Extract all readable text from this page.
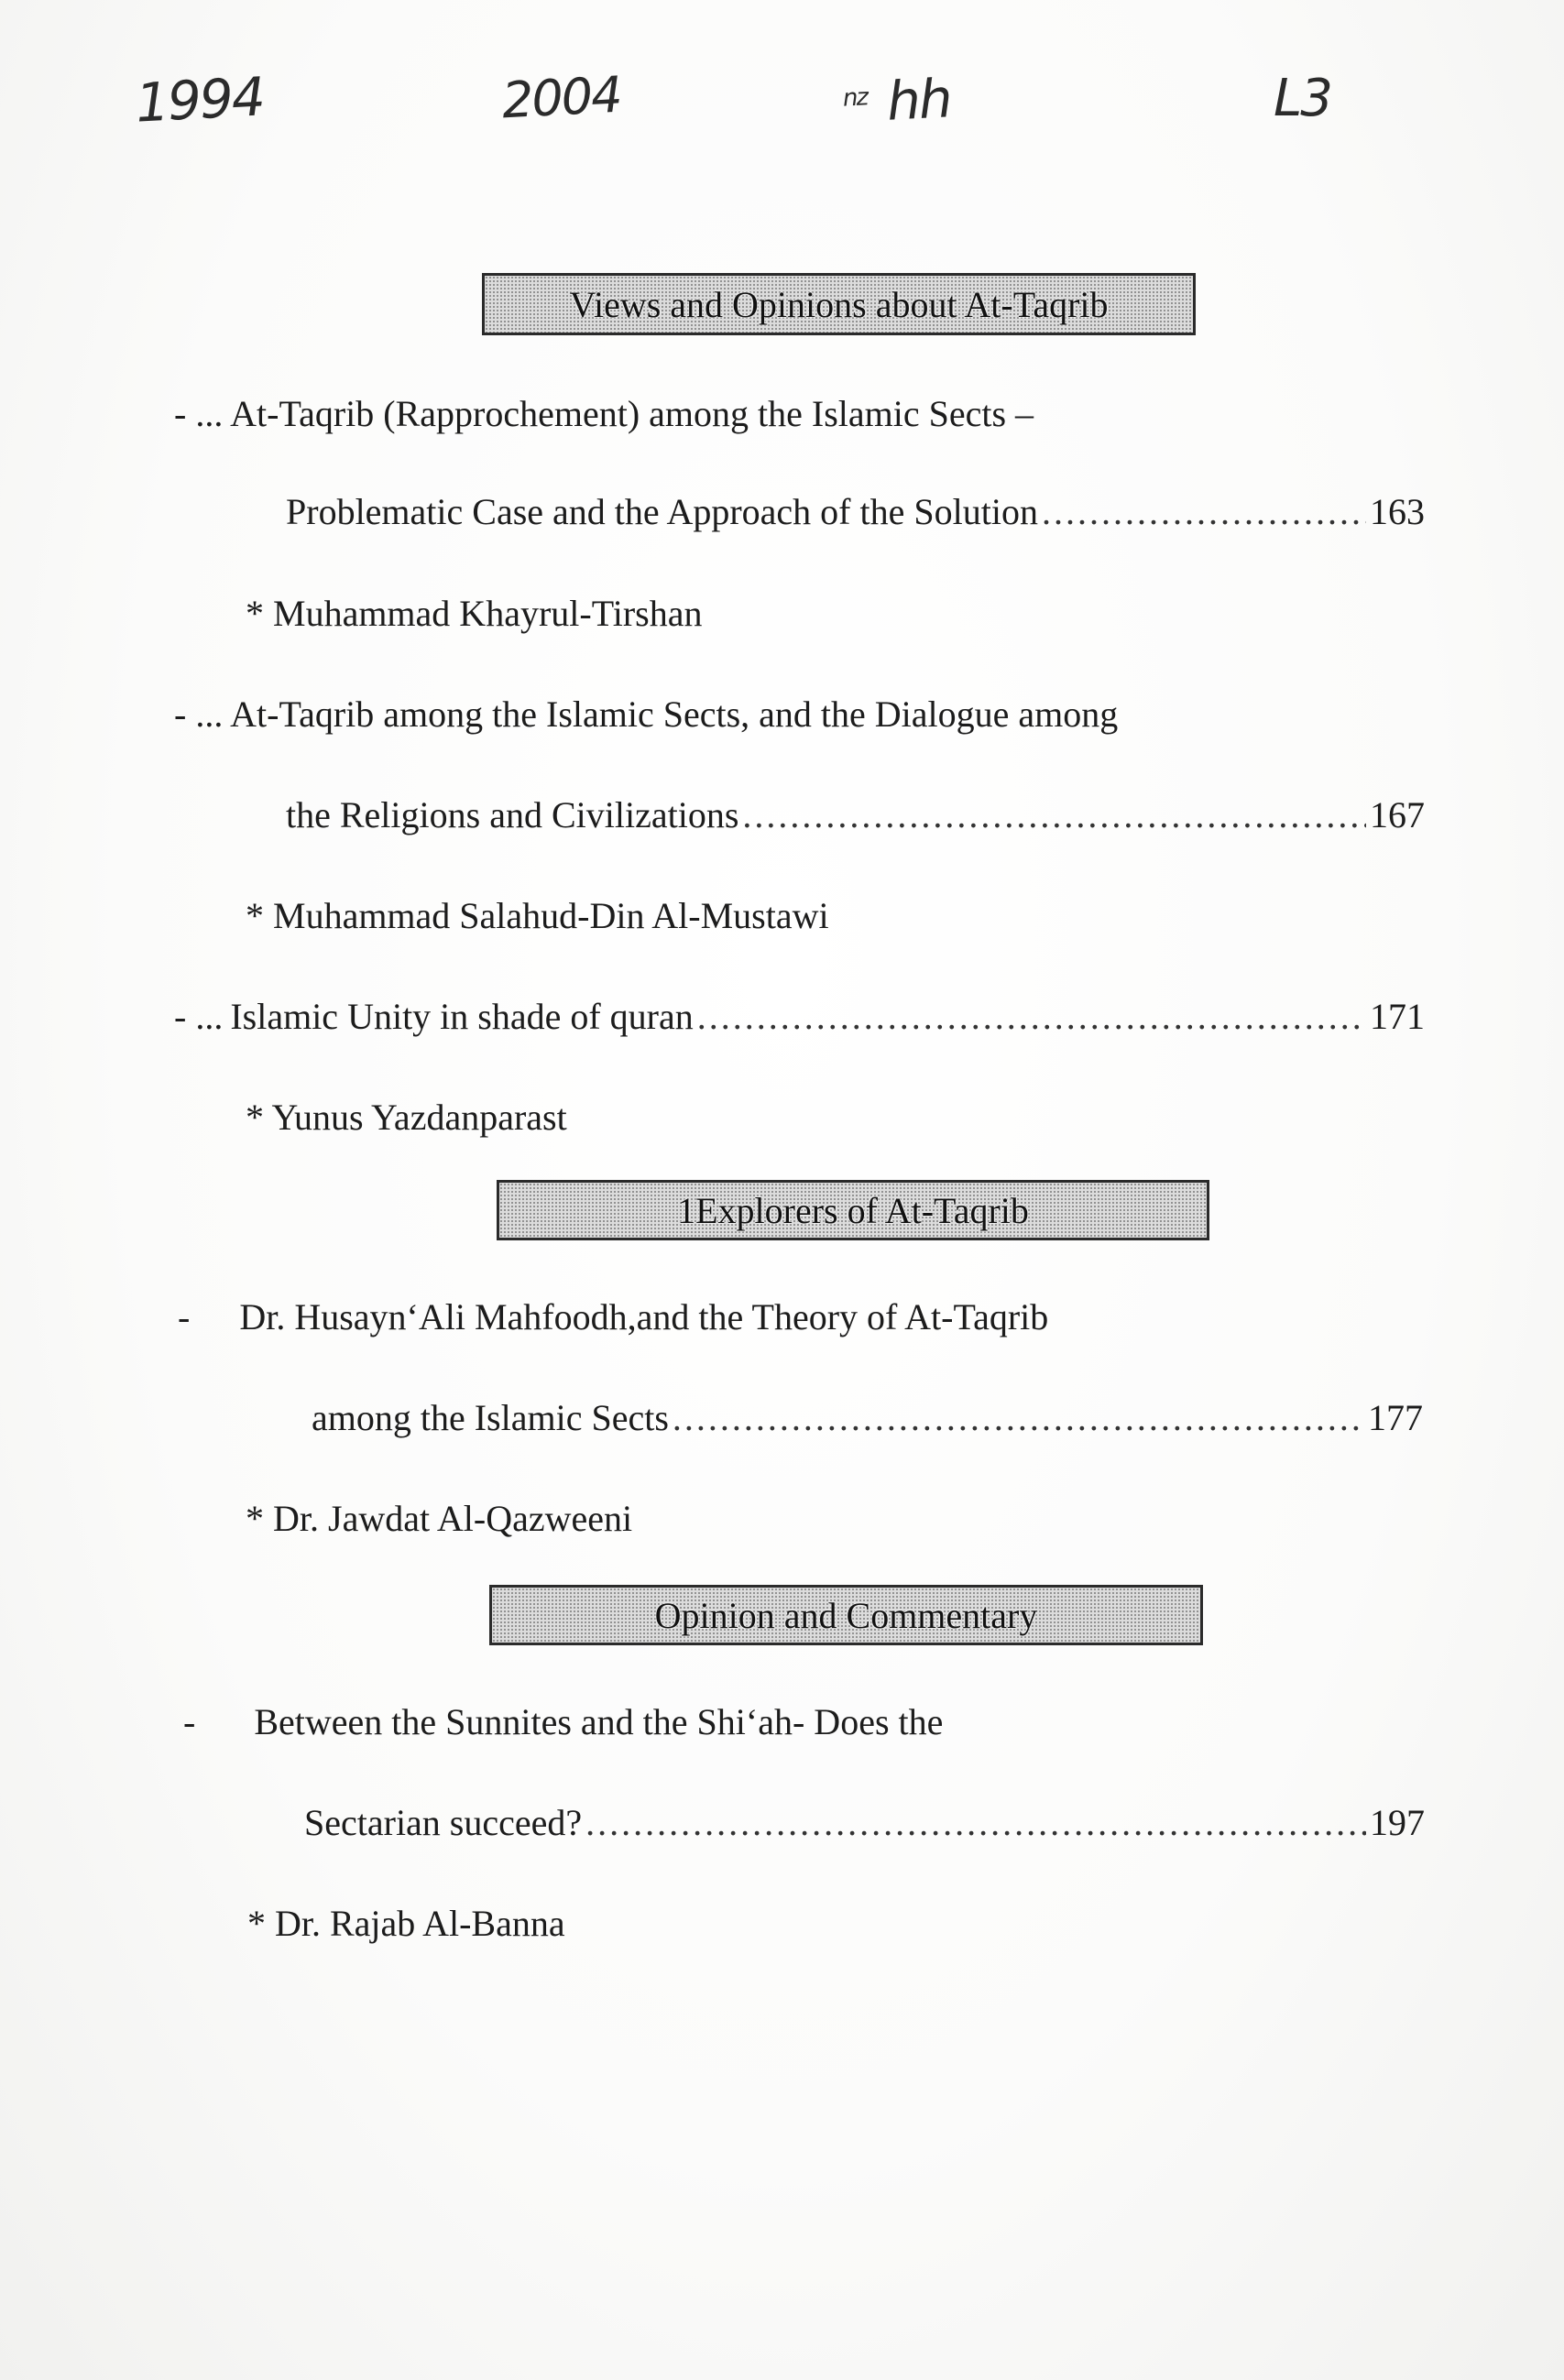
1994	2004	nz hh	L3
Views and Opinions about At-Taqrib
- ... At-Taqrib (Rapprochement) among the Islamic Sects –
Problematic Case and the Approach of the Solution .....	163
* Muhammad Khayrul-Tirshan
- ... At-Taqrib among the Islamic Sects, and the Dialogue among
the Religions and Civilizations .....	167
* Muhammad Salahud-Din Al-Mustawi
- ... Islamic Unity in shade of quran .....	171
* Yunus Yazdanparast
1Explorers of At-Taqrib
- Dr. Husayn‘Ali Mahfoodh,and the Theory of At-Taqrib
among the Islamic Sects .....	177
* Dr. Jawdat Al-Qazweeni
Opinion and Commentary
- Between the Sunnites and the Shi‘ah- Does the
Sectarian succeed? .....	197
* Dr. Rajab Al-Banna
